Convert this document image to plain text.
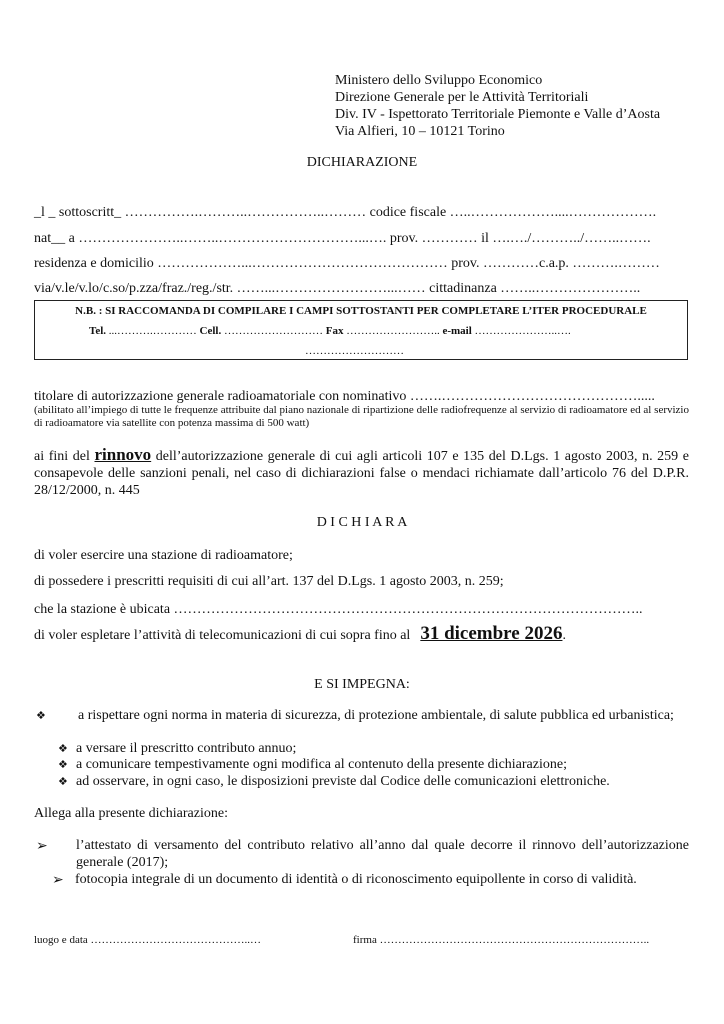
Ministero dello Sviluppo Economico
Direzione Generale per le Attività Territoriali
Div. IV - Ispettorato Territoriale Piemonte e Valle d’Aosta
Via Alfieri, 10 – 10121 Torino
DICHIARAZIONE
_l _ sottoscritt_ …………….………..……………..……… codice fiscale …..………………....……………….
nat__ a …………………..……..…………………………...…. prov. ………… il ….…./………../……..…….
residenza e domicilio ………………...…………………………………… prov. …………c.a.p. ……….………
via/v.le/v.lo/c.so/p.zza/fraz./reg./str. ……...……………………...…… cittadinanza ……..…………………..
N.B. : SI RACCOMANDA DI COMPILARE I CAMPI SOTTOSTANTI PER COMPLETARE L’ITER PROCEDURALE
Tel. ...……….………… Cell. ……………………… Fax …………………….. e-mail …………………..….
………………………
titolare di autorizzazione generale radioamatoriale con nominativo …….…………………………………….....
(abilitato all’impiego di tutte le frequenze attribuite dal piano nazionale di ripartizione delle radiofrequenze al servizio di radioamatore ed al servizio di radioamatore via satellite con potenza massima di 500 watt)
ai fini del rinnovo dell’autorizzazione generale di cui agli articoli 107 e 135 del D.Lgs. 1 agosto 2003, n. 259 e consapevole delle sanzioni penali, nel caso di dichiarazioni false o mendaci richiamate dall’articolo 76 del D.P.R. 28/12/2000, n. 445
D I C H I A R A
di voler esercire una stazione di radioamatore;
di possedere i prescritti requisiti di cui all’art. 137 del D.Lgs. 1 agosto 2003, n. 259;
che la stazione è ubicata ………………………………………………………………………………………..
di voler espletare l’attività di telecomunicazioni di cui sopra fino al 31 dicembre 2026.
E SI IMPEGNA:
❖ a rispettare ogni norma in materia di sicurezza, di protezione ambientale, di salute pubblica ed urbanistica;
❖ a versare il prescritto contributo annuo;
❖ a comunicare tempestivamente ogni modifica al contenuto della presente dichiarazione;
❖ ad osservare, in ogni caso, le disposizioni previste dal Codice delle comunicazioni elettroniche.
Allega alla presente dichiarazione:
➢ l’attestato di versamento del contributo relativo all’anno dal quale decorre il rinnovo dell’autorizzazione generale (2017);
➢ fotocopia integrale di un documento di identità o di riconoscimento equipollente in corso di validità.
luogo e data ……………………………………..…	firma ………………………………………………………………..
